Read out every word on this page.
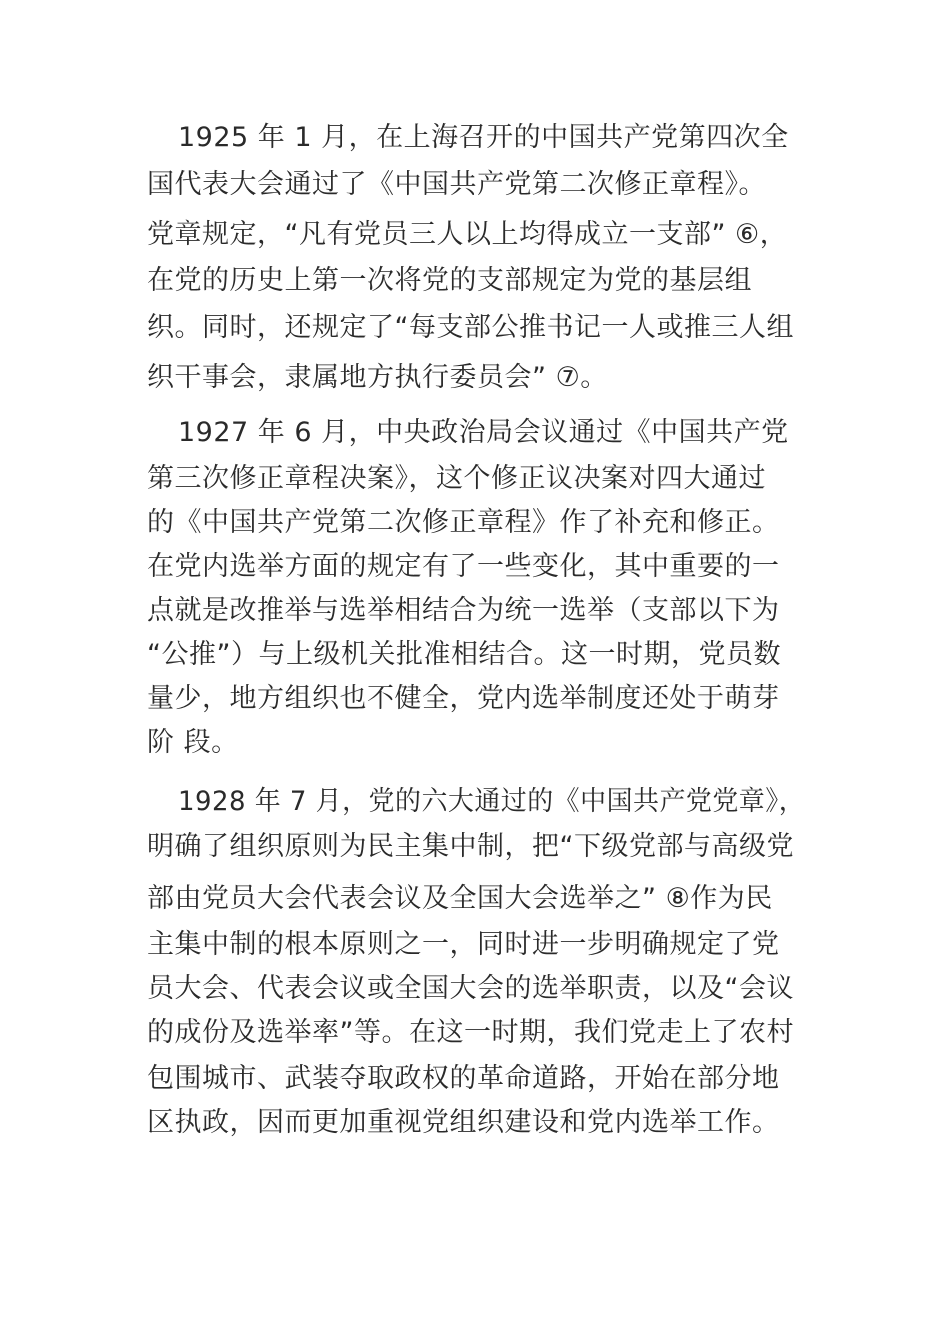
1925 年 1 月，在上海召开的中国共产党第四次全
国代表大会通过了《中国共产党第二次修正章程》。
党章规定，“凡有党员三人以上均得成立一支部” ⑥，
在党的历史上第一次将党的支部规定为党的基层组
织。同时，还规定了“每支部公推书记一人或推三人组
织干事会，隶属地方执行委员会” ⑦。
1927 年 6 月，中央政治局会议通过《中国共产党
第三次修正章程决案》，这个修正议决案对四大通过
的《中国共产党第二次修正章程》作了补充和修正。
在党内选举方面的规定有了一些变化，其中重要的一
点就是改推举与选举相结合为统一选举（支部以下为
“公推”）与上级机关批准相结合。这一时期，党员数
量少，地方组织也不健全，党内选举制度还处于萌芽
阶 段。
1928 年 7 月，党的六大通过的《中国共产党党章》，
明确了组织原则为民主集中制，把“下级党部与高级党
部由党员大会代表会议及全国大会选举之” ⑧作为民
主集中制的根本原则之一，同时进一步明确规定了党
员大会、代表会议或全国大会的选举职责，以及“会议
的成份及选举率”等。在这一时期，我们党走上了农村
包围城市、武装夺取政权的革命道路，开始在部分地
区执政，因而更加重视党组织建设和党内选举工作。
